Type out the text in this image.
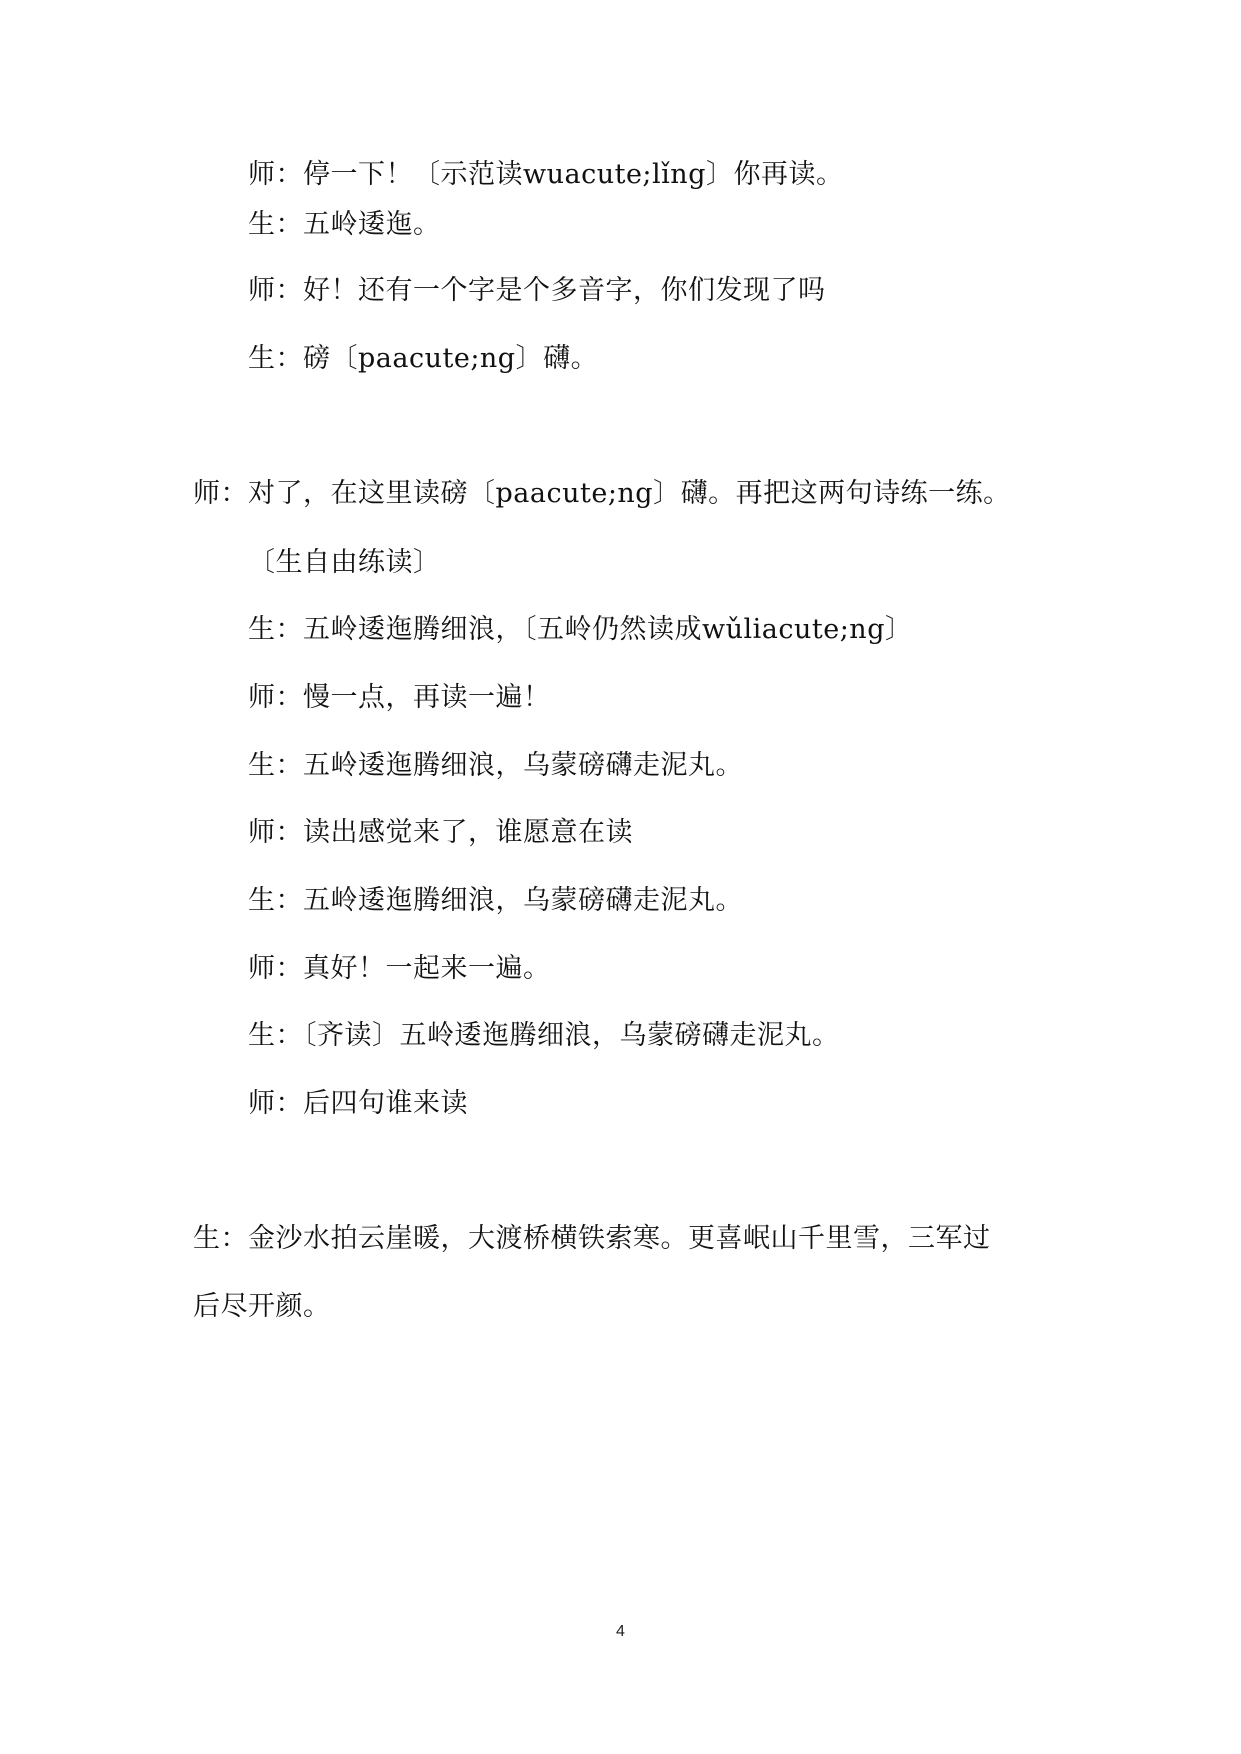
师：停一下！〔示范读wuacute;lǐng〕你再读。
生：五岭逶迤。
师：好！还有一个字是个多音字，你们发现了吗
生：磅〔paacute;ng〕礴。
师：对了，在这里读磅〔paacute;ng〕礴。再把这两句诗练一练。
〔生自由练读〕
生：五岭逶迤腾细浪，〔五岭仍然读成wǔliacute;ng〕
师：慢一点，再读一遍！
生：五岭逶迤腾细浪，乌蒙磅礴走泥丸。
师：读出感觉来了，谁愿意在读
生：五岭逶迤腾细浪，乌蒙磅礴走泥丸。
师：真好！一起来一遍。
生：〔齐读〕五岭逶迤腾细浪，乌蒙磅礴走泥丸。
师：后四句谁来读
生：金沙水拍云崖暖，大渡桥横铁索寒。更喜岷山千里雪，三军过
后尽开颜。
4
